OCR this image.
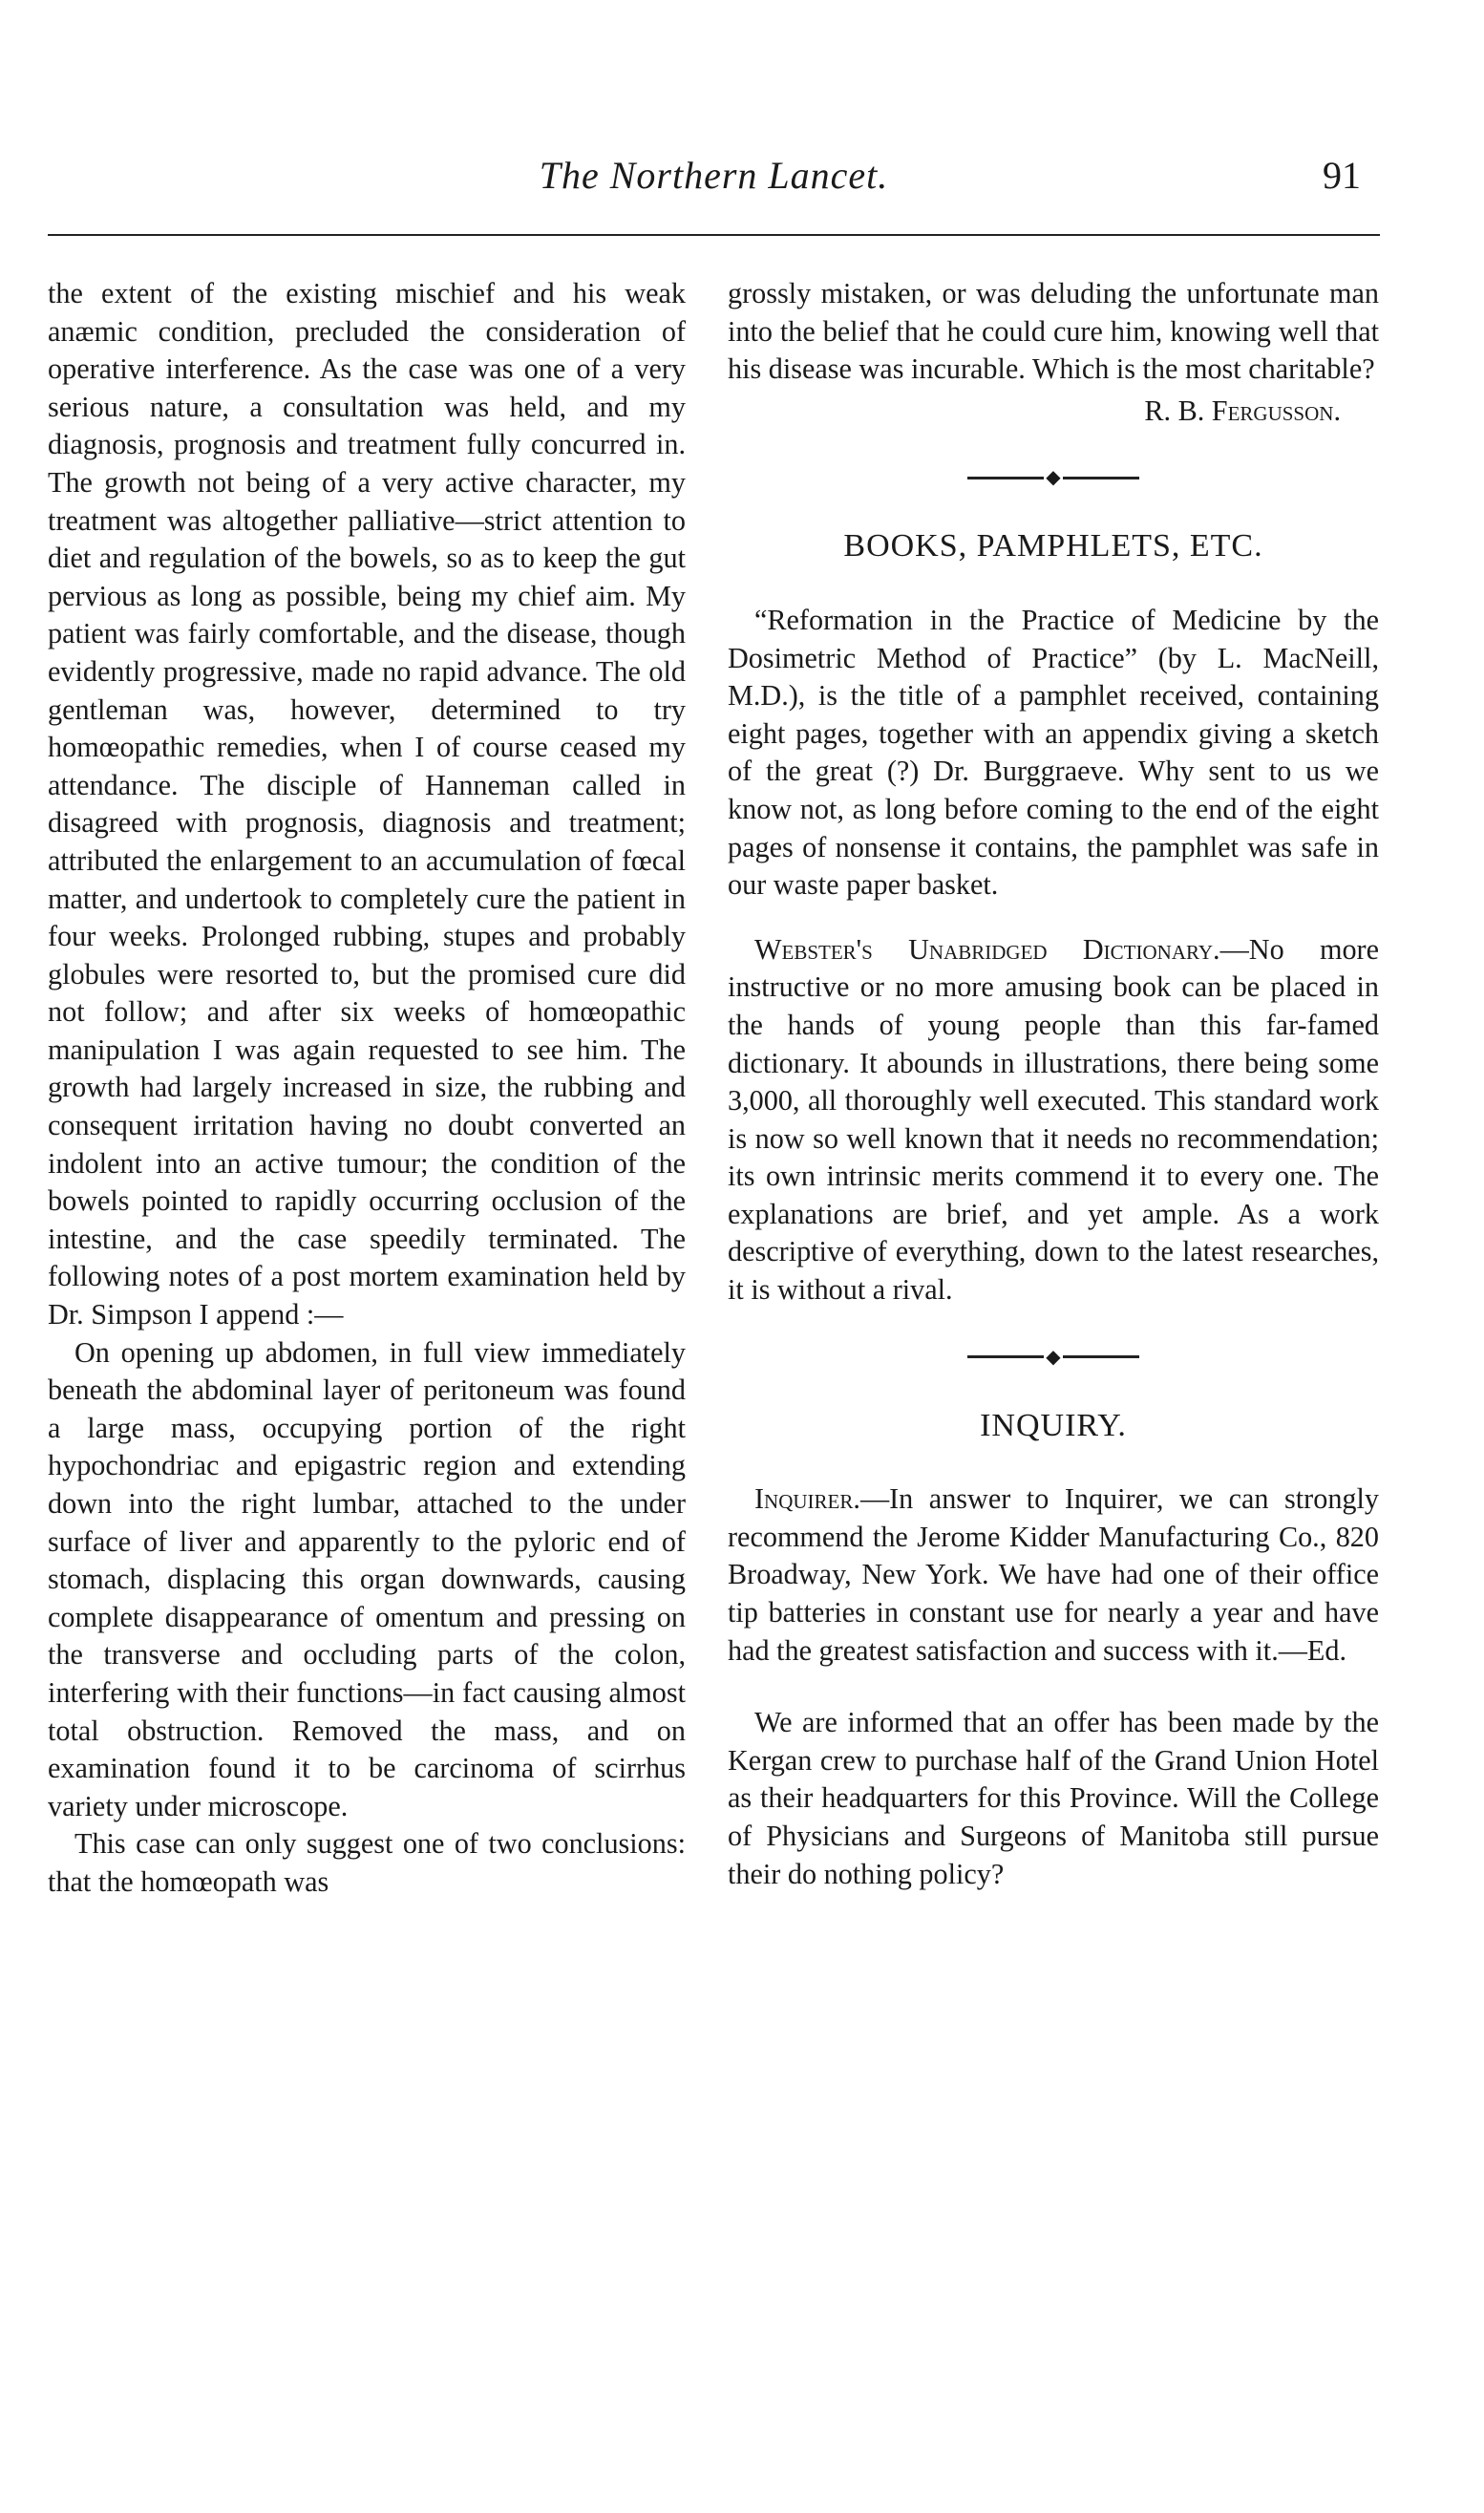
The Northern Lancet.	91

the extent of the existing mischief and his weak anæmic condition, precluded the consideration of operative interference. As the case was one of a very serious nature, a consultation was held, and my diagnosis, prognosis and treatment fully concurred in. The growth not being of a very active character, my treatment was altogether palliative—strict attention to diet and regulation of the bowels, so as to keep the gut pervious as long as possible, being my chief aim. My patient was fairly comfortable, and the disease, though evidently progressive, made no rapid advance. The old gentleman was, however, determined to try homœopathic remedies, when I of course ceased my attendance. The disciple of Hanneman called in disagreed with prognosis, diagnosis and treatment; attributed the enlargement to an accumulation of fœcal matter, and undertook to completely cure the patient in four weeks. Prolonged rubbing, stupes and probably globules were resorted to, but the promised cure did not follow; and after six weeks of homœopathic manipulation I was again requested to see him. The growth had largely increased in size, the rubbing and consequent irritation having no doubt converted an indolent into an active tumour; the condition of the bowels pointed to rapidly occurring occlusion of the intestine, and the case speedily terminated. The following notes of a post mortem examination held by Dr. Simpson I append :—

On opening up abdomen, in full view immediately beneath the abdominal layer of peritoneum was found a large mass, occupying portion of the right hypochondriac and epigastric region and extending down into the right lumbar, attached to the under surface of liver and apparently to the pyloric end of stomach, displacing this organ downwards, causing complete disappearance of omentum and pressing on the transverse and occluding parts of the colon, interfering with their functions—in fact causing almost total obstruction. Removed the mass, and on examination found it to be carcinoma of scirrhus variety under microscope.

This case can only suggest one of two conclusions: that the homœopath was

grossly mistaken, or was deluding the unfortunate man into the belief that he could cure him, knowing well that his disease was incurable. Which is the most charitable?

R. B. Fergusson.

◆

BOOKS, PAMPHLETS, ETC.

“Reformation in the Practice of Medicine by the Dosimetric Method of Practice” (by L. MacNeill, M.D.), is the title of a pamphlet received, containing eight pages, together with an appendix giving a sketch of the great (?) Dr. Burggraeve. Why sent to us we know not, as long before coming to the end of the eight pages of nonsense it contains, the pamphlet was safe in our waste paper basket.

Webster's Unabridged Dictionary.—No more instructive or no more amusing book can be placed in the hands of young people than this far-famed dictionary. It abounds in illustrations, there being some 3,000, all thoroughly well executed. This standard work is now so well known that it needs no recommendation; its own intrinsic merits commend it to every one. The explanations are brief, and yet ample. As a work descriptive of everything, down to the latest researches, it is without a rival.

◆

INQUIRY.

Inquirer.—In answer to Inquirer, we can strongly recommend the Jerome Kidder Manufacturing Co., 820 Broadway, New York. We have had one of their office tip batteries in constant use for nearly a year and have had the greatest satisfaction and success with it.—Ed.

We are informed that an offer has been made by the Kergan crew to purchase half of the Grand Union Hotel as their headquarters for this Province. Will the College of Physicians and Surgeons of Manitoba still pursue their do nothing policy?
